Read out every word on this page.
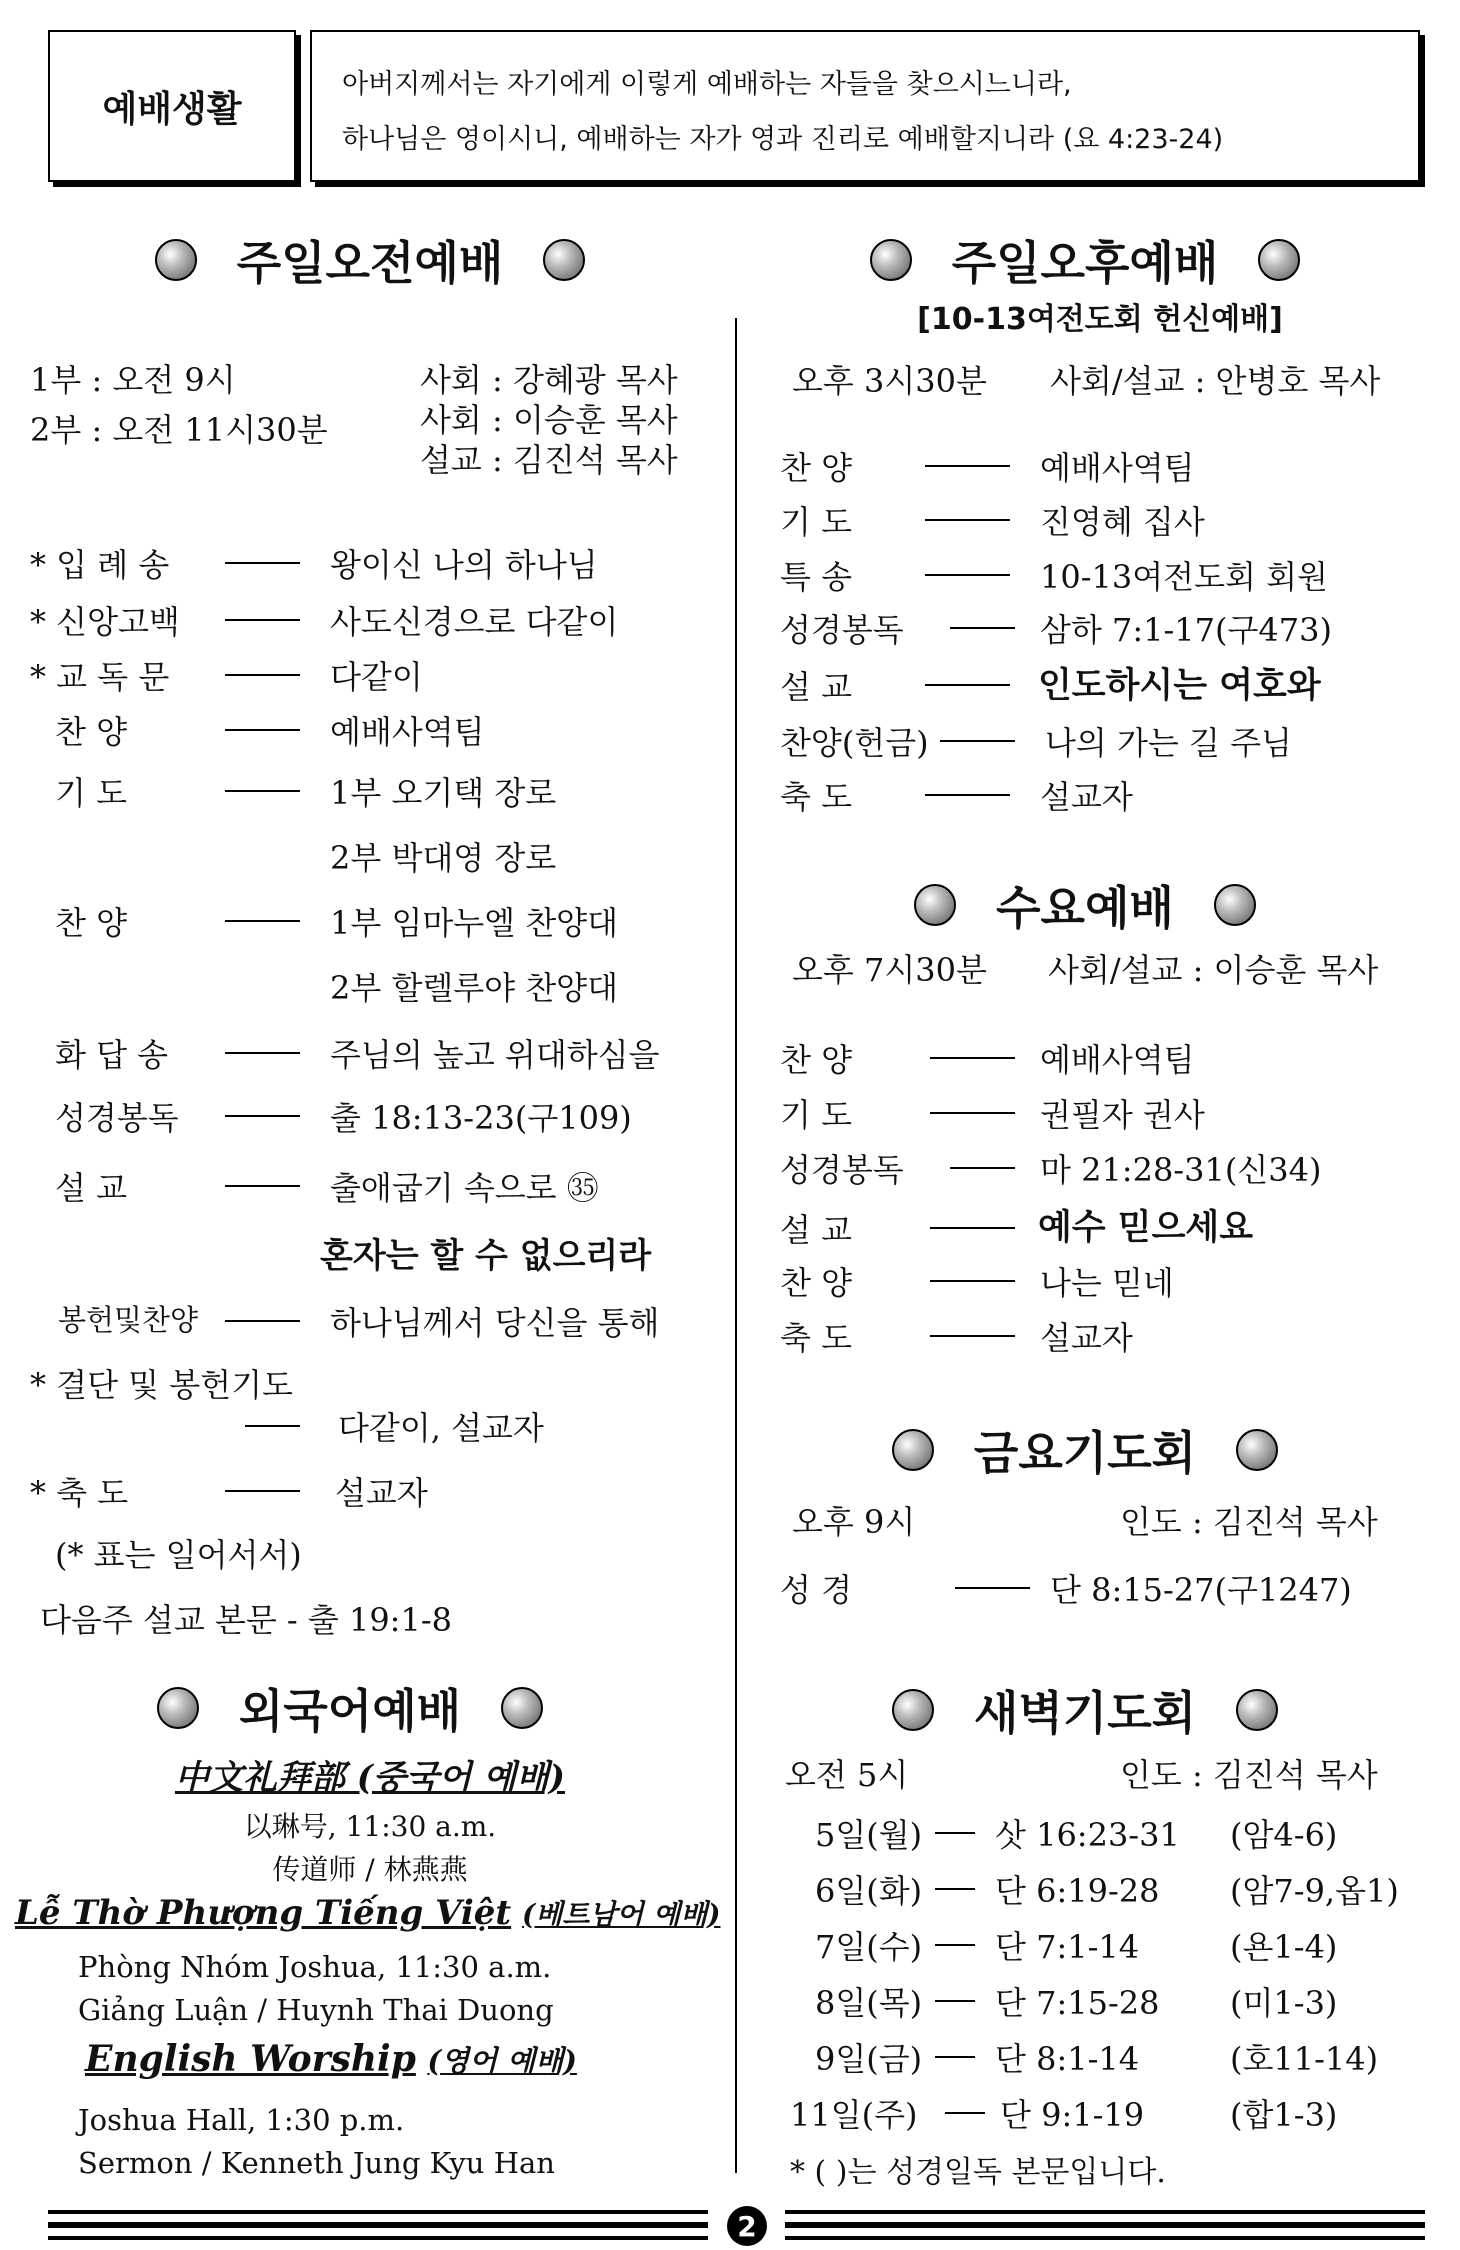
예배생활
아버지께서는 자기에게 이렇게 예배하는 자들을 찾으시느니라,
하나님은 영이시니, 예배하는 자가 영과 진리로 예배할지니라 (요 4:23-24)
주일오전예배
1부 : 오전 9시
2부 : 오전 11시30분
사회 : 강혜광 목사
사회 : 이승훈 목사
설교 : 김진석 목사
* 입 례 송	왕이신 나의 하나님
* 신앙고백	사도신경으로 다같이
* 교 독 문	다같이
찬 양	예배사역팀
기 도	1부 오기택 장로
2부 박대영 장로
찬 양	1부 임마누엘 찬양대
2부 할렐루야 찬양대
화 답 송	주님의 높고 위대하심을
성경봉독	출 18:13-23(구109)
설 교	출애굽기 속으로 ㉟
혼자는 할 수 없으리라
봉헌및찬양	하나님께서 당신을 통해
* 결단 및 봉헌기도
다같이, 설교자
* 축 도	설교자
(* 표는 일어서서)
다음주 설교 본문 - 출 19:1-8
외국어예배
中文礼拜部 (중국어 예배)
以琳号, 11:30 a.m.
传道师 / 林燕燕
Lễ Thờ Phượng Tiếng Việt (베트남어 예배)
Phòng Nhóm Joshua, 11:30 a.m.
Giảng Luận / Huynh Thai Duong
English Worship (영어 예배)
Joshua Hall, 1:30 p.m.
Sermon / Kenneth Jung Kyu Han
주일오후예배
[10-13여전도회 헌신예배]
오후 3시30분 사회/설교 : 안병호 목사
찬 양	예배사역팀
기 도	진영혜 집사
특 송	10-13여전도회 회원
성경봉독	삼하 7:1-17(구473)
설 교	인도하시는 여호와
찬양(헌금)	나의 가는 길 주님
축 도	설교자
수요예배
오후 7시30분 사회/설교 : 이승훈 목사
찬 양	예배사역팀
기 도	권필자 권사
성경봉독	마 21:28-31(신34)
설 교	예수 믿으세요
찬 양	나는 믿네
축 도	설교자
금요기도회
오후 9시	인도 : 김진석 목사
성 경	단 8:15-27(구1247)
새벽기도회
오전 5시	인도 : 김진석 목사
5일(월) 삿 16:23-31 (암4-6)
6일(화) 단 6:19-28 (암7-9,옵1)
7일(수) 단 7:1-14	(욘1-4)
8일(목) 단 7:15-28 (미1-3)
9일(금) 단 8:1-14	(호11-14)
11일(주)	단 9:1-19	(합1-3)
* ( )는 성경일독 본문입니다.
2
